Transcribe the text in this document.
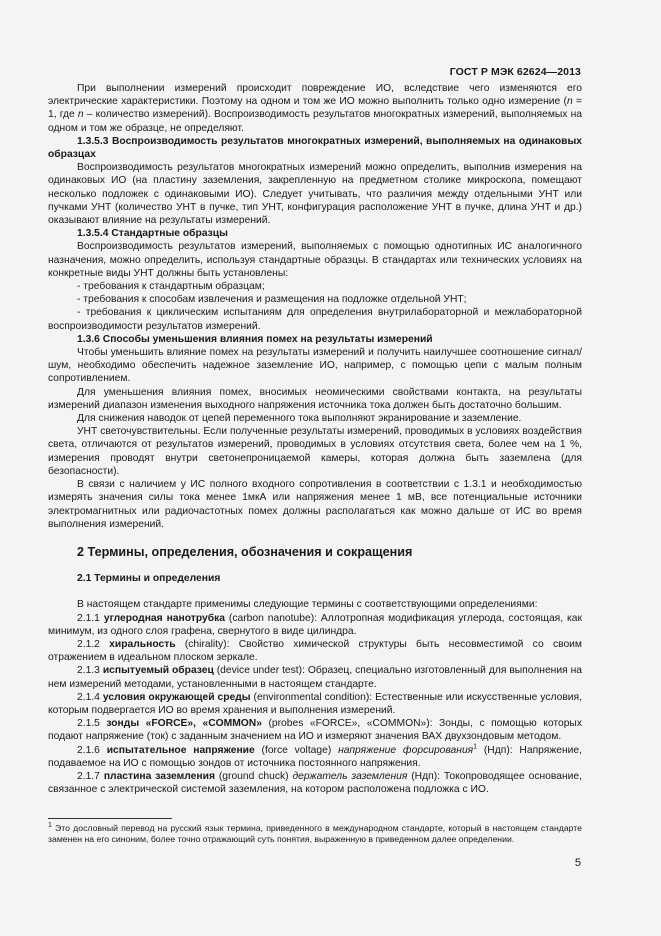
ГОСТ Р МЭК 62624—2013

При выполнении измерений происходит повреждение ИО, вследствие чего изменяются его электрические характеристики. Поэтому на одном и том же ИО можно выполнить только одно измерение (n = 1, где n – количество измерений). Воспроизводимость результатов многократных измерений, выполняемых на одном и том же образце, не определяют.

1.3.5.3 Воспроизводимость результатов многократных измерений, выполняемых на одинаковых образцах

Воспроизводимость результатов многократных измерений можно определить, выполнив измерения на одинаковых ИО (на пластину заземления, закрепленную на предметном столике микроскопа, помещают несколько подложек с одинаковыми ИО). Следует учитывать, что различия между отдельными УНТ или пучками УНТ (количество УНТ в пучке, тип УНТ, конфигурация расположение УНТ в пучке, длина УНТ и др.) оказывают влияние на результаты измерений.

1.3.5.4 Стандартные образцы

Воспроизводимость результатов измерений, выполняемых с помощью однотипных ИС аналогичного назначения, можно определить, используя стандартные образцы. В стандартах или технических условиях на конкретные виды УНТ должны быть установлены:

- требования к стандартным образцам;

- требования к способам извлечения и размещения на подложке отдельной УНТ;

- требования к циклическим испытаниям для определения внутрилабораторной и межлабораторной воспроизводимости результатов измерений.

1.3.6 Способы уменьшения влияния помех на результаты измерений

Чтобы уменьшить влияние помех на результаты измерений и получить наилучшее соотношение сигнал/шум, необходимо обеспечить надежное заземление ИО, например, с помощью цепи с малым полным сопротивлением.

Для уменьшения влияния помех, вносимых неомическими свойствами контакта, на результаты измерений диапазон изменения выходного напряжения источника тока должен быть достаточно большим.

Для снижения наводок от цепей переменного тока выполняют экранирование и заземление.

УНТ светочувствительны. Если полученные результаты измерений, проводимых в условиях воздействия света, отличаются от результатов измерений, проводимых в условиях отсутствия света, более чем на 1 %, измерения проводят внутри светонепроницаемой камеры, которая должна быть заземлена (для безопасности).

В связи с наличием у ИС полного входного сопротивления в соответствии с 1.3.1 и необходимостью измерять значения силы тока менее 1мкА или напряжения менее 1 мВ, все потенциальные источники электромагнитных или радиочастотных помех должны располагаться как можно дальше от ИС во время выполнения измерений.

2 Термины, определения, обозначения и сокращения

2.1 Термины и определения

В настоящем стандарте применимы следующие термины с соответствующими определениями:

2.1.1 углеродная нанотрубка (carbon nanotube): Аллотропная модификация углерода, состоящая, как минимум, из одного слоя графена, свернутого в виде цилиндра.

2.1.2 хиральность (chirality): Свойство химической структуры быть несовместимой со своим отражением в идеальном плоском зеркале.

2.1.3 испытуемый образец (device under test): Образец, специально изготовленный для выполнения на нем измерений методами, установленными в настоящем стандарте.

2.1.4 условия окружающей среды (environmental condition): Естественные или искусственные условия, которым подвергается ИО во время хранения и выполнения измерений.

2.1.5 зонды «FORCE», «COMMON» (probes «FORCE», «COMMON»): Зонды, с помощью которых подают напряжение (ток) с заданным значением на ИО и измеряют значения ВАХ двухзондовым методом.

2.1.6 испытательное напряжение (force voltage) напряжение форсирования$^1$ (Ндп): Напряжение, подаваемое на ИО с помощью зондов от источника постоянного напряжения.

2.1.7 пластина заземления (ground chuck) держатель заземления (Ндп): Токопроводящее основание, связанное с электрической системой заземления, на котором расположена подложка с ИО.

$^1$ Это дословный перевод на русский язык термина, приведенного в международном стандарте, который в настоящем стандарте заменен на его синоним, более точно отражающий суть понятия, выраженную в приведенном далее определении.
5
